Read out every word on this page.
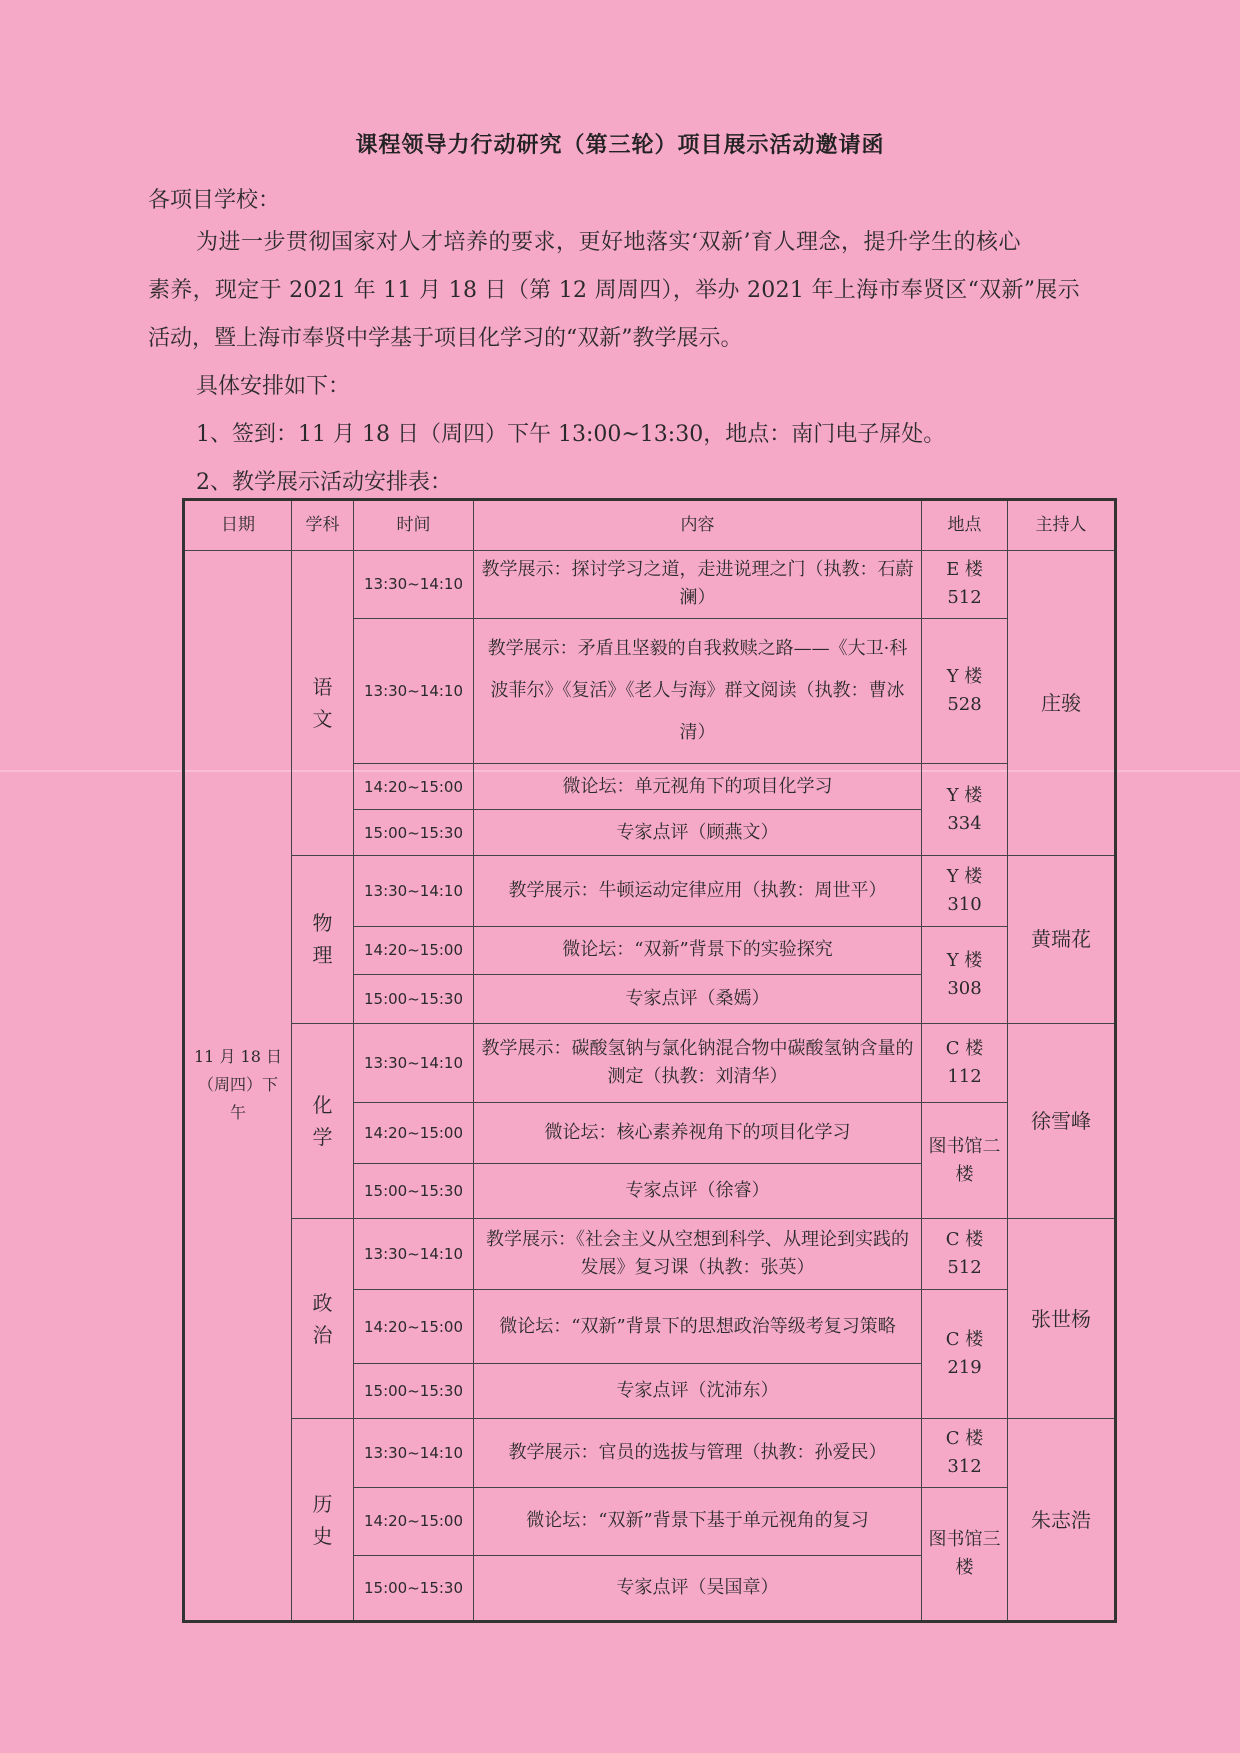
课程领导力行动研究（第三轮）项目展示活动邀请函
各项目学校：
为进一步贯彻国家对人才培养的要求，更好地落实‘双新’育人理念，提升学生的核心
素养，现定于 2021 年 11 月 18 日（第 12 周周四），举办 2021 年上海市奉贤区“双新”展示
活动，暨上海市奉贤中学基于项目化学习的“双新”教学展示。
具体安排如下：
1、签到：11 月 18 日（周四）下午 13:00~13:30，地点：南门电子屏处。
2、教学展示活动安排表：
日期	学科	时间	内容	地点	主持人
11 月 18 日（周四）下午	语文	13:30~14:10	教学展示：探讨学习之道，走进说理之门（执教：石蔚澜）	E 楼 512	庄骏
		13:30~14:10	教学展示：矛盾且坚毅的自我救赎之路——《大卫·科波菲尔》《复活》《老人与海》群文阅读（执教：曹冰清）	Y 楼 528	
		14:20~15:00	微论坛：单元视角下的项目化学习	Y 楼 334	
		15:00~15:30	专家点评（顾燕文）		

	物理	13:30~14:10	教学展示：牛顿运动定律应用（执教：周世平）	Y 楼 310	黄瑞花
		14:20~15:00	微论坛：“双新”背景下的实验探究	Y 楼 308	
		15:00~15:30	专家点评（桑嫣）		

	化学	13:30~14:10	教学展示：碳酸氢钠与氯化钠混合物中碳酸氢钠含量的测定（执教：刘清华）	C 楼 112	徐雪峰
		14:20~15:00	微论坛：核心素养视角下的项目化学习	图书馆二楼	
		15:00~15:30	专家点评（徐睿）		

	政治	13:30~14:10	教学展示：《社会主义从空想到科学、从理论到实践的发展》复习课（执教：张英）	C 楼 512	张世杨
		14:20~15:00	微论坛：“双新”背景下的思想政治等级考复习策略	C 楼 219	
		15:00~15:30	专家点评（沈沛东）		

	历史	13:30~14:10	教学展示：官员的选拔与管理（执教：孙爱民）	C 楼 312	朱志浩
		14:20~15:00	微论坛：“双新”背景下基于单元视角的复习	图书馆三楼	
		15:00~15:30	专家点评（吴国章）		
